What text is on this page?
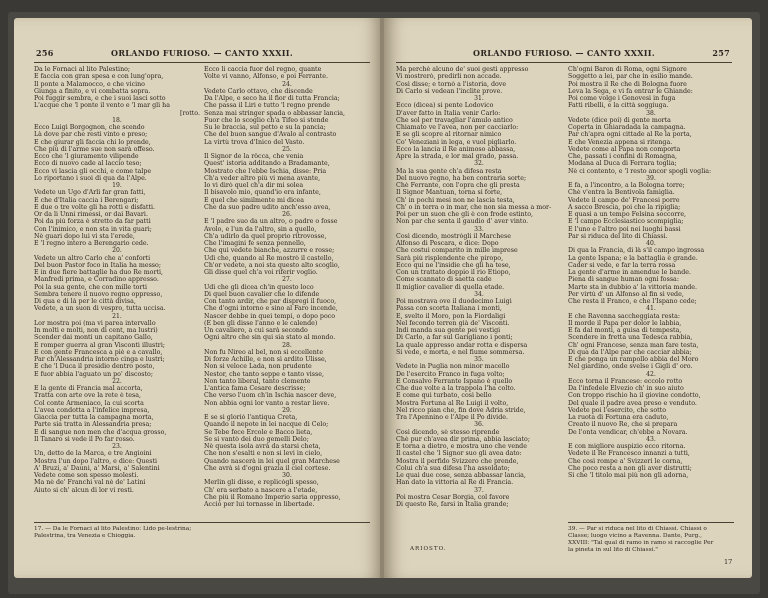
256	ORLANDO FURIOSO. — CANTO XXXII.
Da le Fornaci al lito Palestino;
E faccia con gran spesa e con lung'opra,
Il ponte a Malamocco, e che vicino
Giunga a finito, e vi combatta sopra.
Poi fuggir sembra, e che i suoi lasci sotto
L'acque che 'l ponte il vento e 'l mar gli ha
[rotto.
18.
Ecco Luigi Borgognon, che scendo
Là dove par che resti vinto e preso;
E che giurar gli faccia chi lo prende,
Che più di l'arme sue non sarà offeso.
Ecco che 'l giuramento vilipende
Ecco di nuovo cade al laccio teso;
Ecco vi lascia gli occhi, e come talpe
Lo riportano i suoi di qua da l'Alpe.
19.
Vedete un Ugo d'Arli far gran fatti,
E che d'Italia caccia i Berengari;
E due o tre volte gli ha rotti e disfatti.
Or da li Unni rimessi, or dai Bavari.
Poi da più forza è stretto da far patti
Con l'inimico, e non sta in vita guari;
Nè guari dopo lui vi sta l'erede,
E 'l regno intero a Berengario cede.
20.
Vedete un altro Carlo che a' conforti
Del buon Pastor foco in Italia ha messo;
E in due fiere battaglie ha duo Re morti,
Manfredi prima, e Corradino appresso.
Poi la sua gente, che con mille torti
Sembra tenere il nuovo regno oppresso,
Di qua e di là per le città divisa,
Vedete, a un suon di vespro, tutta uccisa.
21.
Lor mostra poi (ma vi parea intervallo
In molti e molti, non di cent, ma lustri)
Scender dai monti un capitano Gallo,
E romper guerra al gran Visconti illustri;
E con gente Francesca a piè e a cavallo,
Par ch'Alessandria intorno cinga e lustri;
E che 'l Duca il presidio dentro posto,
E fuor abbia l'aguato un po' discosto;
22.
E la gente di Francia mal accorta,
Tratta con arte ove la rete è tesa,
Col conte Armeniaco, la cui scorta
L'avea condotta a l'infelice impresa,
Giaccia per tutta la campagna morta,
Parte sia tratta in Alessandria presa;
E di sangue non men che d'acqua grosso,
Il Tanaro si vede il Po far rosso.
23.
Un, detto de la Marca, e tre Angioini
Mostra l'un dopo l'altro, e dice: Questi
A' Bruzi, a' Dauni, a' Marsi, a' Salentini
Vedete come son spesso molesti.
Ma nè de' Franchi val nè de' Latini
Aiuto si ch' alcun di lor vi resti.
Ecco li caccia fuor del regno, quante
Volte vi vanno, Alfonso, e poi Ferrante.
24.
Vedete Carlo ottavo, che discende
Da l'Alpe, e seco ha il fior di tutta Francia;
Che passa il Liri e tutto 'l regno prende
Senza mai stringer spada o abbassar lancia,
Fuor che lo scoglio ch'a Tifeo si stende
Su le braccia, sul petto e su la pancia;
Che del buon sangue d'Avalo al contrasto
La virtù trova d'Inico del Vasto.
25.
Il Signor de la rôcca, che venia
Quest' istoria additando a Bradamante,
Mostrato che l'ebbe Ischia, disse: Pria
Ch'a veder altro più vi mena avante,
Io vi dirò quel ch'a dir mi solea
Il bisavolo mio, quand'io era infante,
E quel che similmente mi dicea
Che da suo padre udito anch'esso avea,
26.
E 'l padre suo da un altro, o padre o fosse
Avolo, e l'un da l'altro, sin a quello,
Ch'a udirlo da quel proprio ritrovosse,
Che l'imagini fe senza pennello,
Che qui vedete bianche, azzurre e rosse;
Udì che, quando al Re mostrò il castello,
Ch'or vedete, a noi sta questo alto scoglio,
Gli disse quel ch'a voi riferir voglio.
27.
Udì che gli dicea ch'in questo loco
Di quel buon cavalier che lo difende
Con tanto ardir, che par dispregi il fuoco,
Che d'ogni intorno e sino al Faro incende,
Nascer debbe in quei tempi, o dopo poco
(E ben gli disse l'anno e le calende)
Un cavaliero, a cui sarà secondo
Ogni altro che sin qui sia stato al mondo.
28.
Non fu Nireo al bel, non sì eccellente
Di forze Achille, e non sì ardito Ulisse,
Non sì veloce Lada, non prudente
Nestor, che tanto seppe e tanto visse,
Non tanto liberal, tanto clemente
L'antica fama Cesare descrisse;
Che verso l'uom ch'in Ischia nascer deve,
Non abbia ogni lor vanto a restar lieve.
29.
E se si gloriò l'antiqua Creta,
Quando il nepote in lei nacque di Celo;
Se Tebe fece Ercole e Bacco lieta,
Se si vantò dei duo gemelli Delo;
Nè questa isola avrà da starsi cheta,
Che non s'esalti e non si levi in cielo,
Quando nascerà in lei quel gran Marchese
Che avrà sì d'ogni grazia il ciel cortese.
30.
Merlin gli disse, e replicògli spesso,
Ch' era serbato a nascere a l'etade,
Che più il Romano Imperio saria oppresso,
Acciò per lui tornasse in libertade.
17. — Da le Fornaci al lito Palestino: Lido pe-lestrina; Palestrina, tra Venezia e Chioggia.
ORLANDO FURIOSO. — CANTO XXXII.	257
Ma perchè alcuno de' suoi gesti appresso
Vi mostrerò, predirli non accade.
Così disse; e tornò a l'istoria, dove
Di Carlo si vedean l'inclite prove.
31.
Ecco (dicea) si pente Lodovico
D'aver fatto in Italia venir Carlo:
Che sol per travagliar l'ámulo antico
Chiamato ve l'avea, non per cacciarlo:
E se gli scopre al ritornar nimico
Co' Veneziani in lega, e vuol pigliarlo.
Ecco la lancia il Re animoso abbassa,
Apre la strada, e lor mal grado, passa.
32.
Ma la sua gente ch'a difesa resta
Del nuovo regno, ha ben contraria sorte;
Chè Ferrante, con l'opra che gli presta
Il Signor Mantuan, torna sì forte,
Ch' in pochi mesi non ne lascia testa,
Ch' o in terra o in mar, che non sia messa a mor-
Poi per un suon che gli è con frode estinto,
Non par che senta il gaudio d' aver vinto.
33.
Così dicendo, mostrògli il Marchese
Alfonso di Pescara, e dice: Dopo
Che costui comparito in mille imprese
Sarà più risplendente che piropo,
Ecco qui ne l'insidie che gli ha tese,
Con un trattato doppio il rio Etiopo,
Come scannato di saetta cade
Il miglior cavalier di quella etade.
34.
Poi mostrava ove il duodecimo Luigi
Passa con scorta Italiana i monti,
E, svelto il Moro, pon la Fiordaligi
Nel fecondo terren già de' Visconti.
Indi manda sua gente pei vestigi
Di Carlo, a far sul Garigliano i ponti;
La quale appresso andar rotta e dispersa
Si vede, e morta, e nel fiume sommersa.
35.
Vedete in Puglia non minor macello
De l'esercito Franco in fuga volto;
E Consalvo Ferrante Ispano è quello
Che due volte a la trappola l'ha colto.
E come qui turbato, così bello
Mostra Fortuna al Re Luigi il volto,
Nel ricco pian che, fin dove Adria stride,
Tra l'Apennino e l'Alpe il Po divide.
36.
Così dicendo, sè stesso riprende
Chè pur ch'avea dir prima, abbia lasciato;
E torna a dietro, e mostra uno che vende
Il castel che 'l Signor suo gli avea dato:
Mostra il perfido Svizzero che prende,
Colui ch'a sua difesa l'ha assoldato;
Le quai due cose, senza abbassar lancia,
Han dato la vittoria al Re di Francia.
37.
Poi mostra Cesar Borgia, col favore
Di questo Re, farsi in Italia grande;
Ch'ogni Baron di Roma, ogni Signore
Soggetto a lei, par che in esilio mande.
Poi mostra il Re che di Bologna fuore
Leva la Sega, e vi fa entrar le Ghiande:
Poi come volge i Genovesi in fuga
Fatti ribelli, e la città soggiuga.
38.
Vedete (dice poi) di gente morta
Coperta in Ghiaradada la campagna.
Par ch'apra ogni cittade al Re la porta,
E che Venezia appena si ritenga.
Vedete come al Papa non comporta
Che, passati i confini di Romagna,
Modana al Duca di Ferrara toglia;
Nè ci contento, e 'l resto ancor spogli voglia:
39.
E fa, a l'incontro, a la Bologna torre;
Chè v'entra la Bentivola famiglia.
Vedete il campo de' Francesi porre
A sacco Brescia, poi che la ripiglia;
E quasi a un tempo Felsina soccorre,
E 'l campo Ecclesiastico scompiglia;
E l'uno e l'altro poi nei luoghi bassi
Par si riduca del lito di Chiassi.
40.
Di qua la Francia, di là s'il campo ingrossa
La gente Ispana; e la battaglia è grande.
Cader si vede, e far la terra rossa
La gente d'arme in amendue le bande.
Piena di sangue human ogni fossa:
Marte sta in dubbio a' la vittoria mande.
Per virtù d' un Alfonso al fin si vede,
Che resta il Franco, e che l'Ispano cede;
41.
E che Ravenna saccheggiata resta:
Il morde il Papa per dolor le labbia,
E fa dal monti, a guisa di tempesta,
Scendere in fretta una Tedesca rabbia,
Ch' ogni Francese, senza man fare testa,
Di qua da l'Alpe par che cacciar abbia;
E che ponga un rampollo abbia del Moro
Nel giardino, onde svelse i Gigli d' oro.
42.
Ecco torna il Francese: eccolo rotto
Da l'infedele Elvezio ch' in suo aiuto
Con troppo rischio ha il giovine condotto,
Del quale il padre avea preso e venduto.
Vedete poi l'esercito, che sotto
La ruota di Fortuna era caduto,
Creato il nuovo Re, che si prepara
De l'onta vendicar, ch'ebbe a Novara.
43.
E con migliore auspizio ecco ritorna.
Vedete il Re Francesco innanzi a tutti,
Che così rompe a' Svizzeri le corna,
Che poco resta a non gli aver distrutti;
Sì che 'l titolo mai più non gli adorna,
ARIOSTO.
39. — Par si riduca nel lito di Chiassi. Chiassi o Classe; luogo vicino a Ravenna. Dante, Purg., XXVIII: "Tal qual di ramo in ramo si raccoglie Per la pineta in sul lito di Chiassi."
17
